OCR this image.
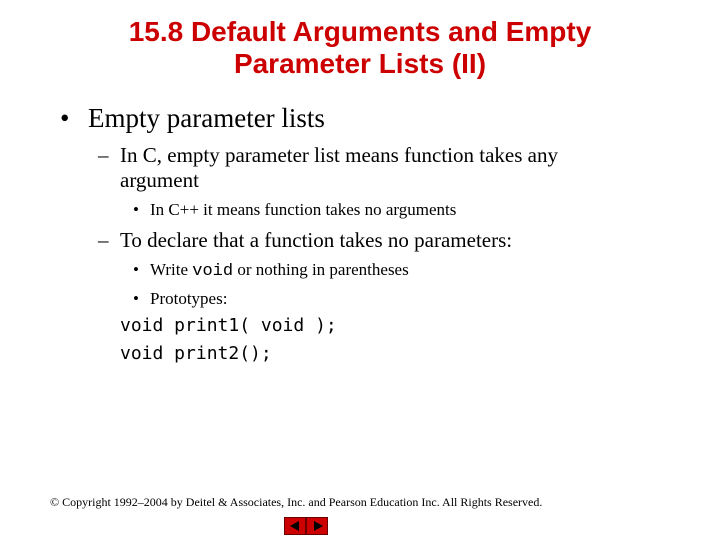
15.8 Default Arguments and Empty
Parameter Lists (II)
• Empty parameter lists
– In C, empty parameter list means function takes any
argument
• In C++ it means function takes no arguments
– To declare that a function takes no parameters:
• Write void or nothing in parentheses
• Prototypes:
void print1( void );
void print2();
© Copyright 1992–2004 by Deitel & Associates, Inc. and Pearson Education Inc. All Rights Reserved.
